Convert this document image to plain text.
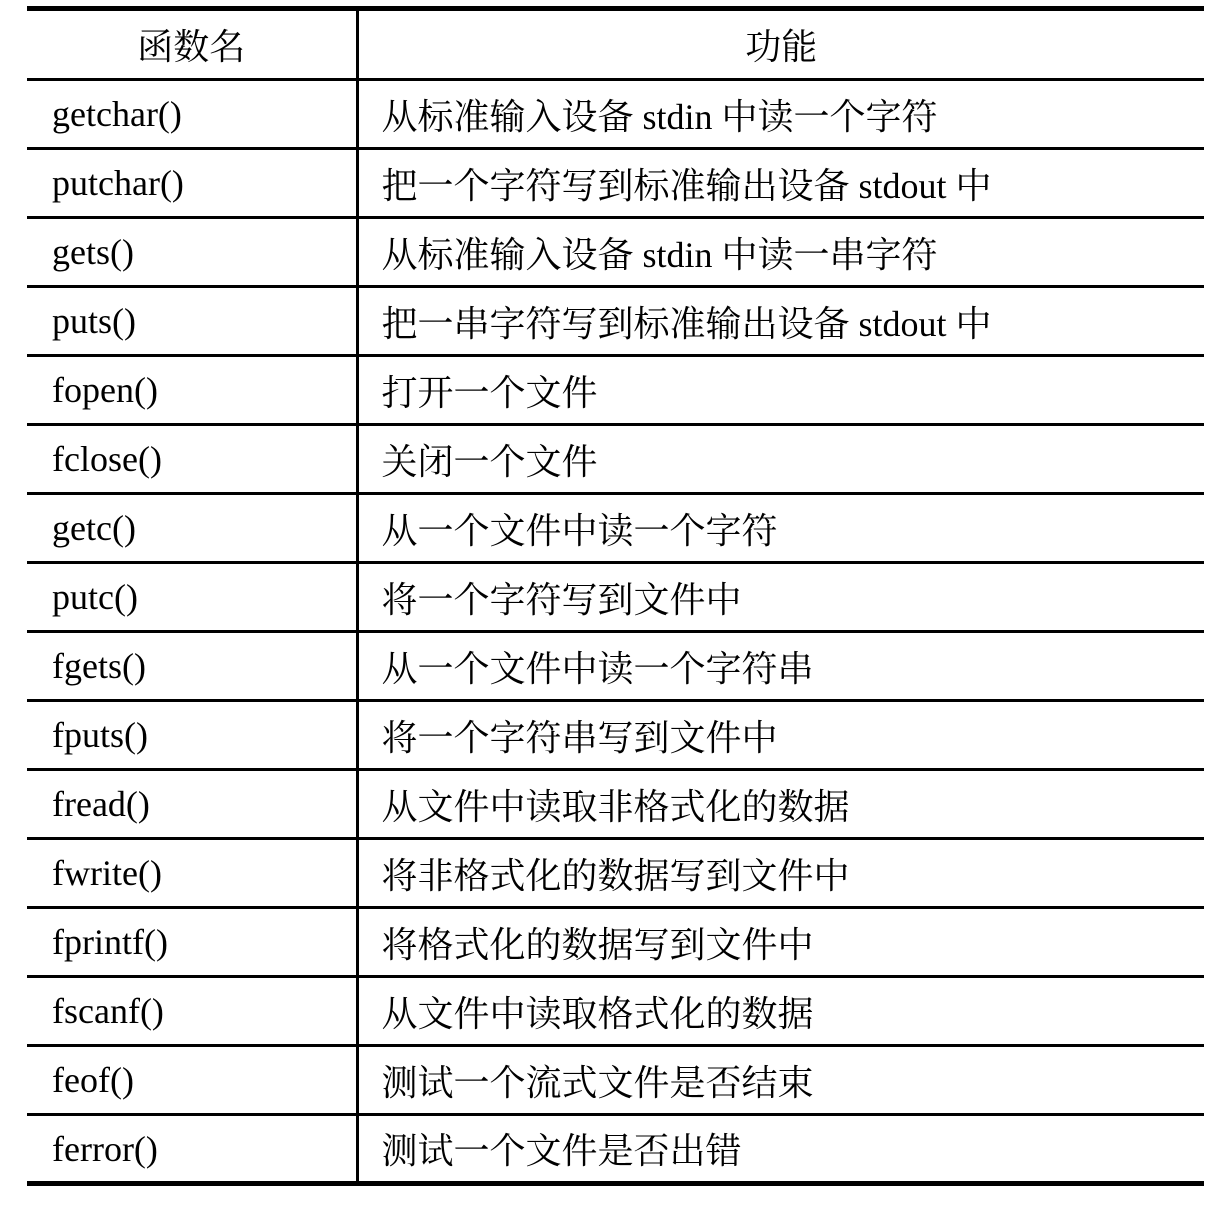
函数名	功能
getchar()	从标准输入设备 stdin 中读一个字符
putchar()	把一个字符写到标准输出设备 stdout 中
gets()	从标准输入设备 stdin 中读一串字符
puts()	把一串字符写到标准输出设备 stdout 中
fopen()	打开一个文件
fclose()	关闭一个文件
getc()	从一个文件中读一个字符
putc()	将一个字符写到文件中
fgets()	从一个文件中读一个字符串
fputs()	将一个字符串写到文件中
fread()	从文件中读取非格式化的数据
fwrite()	将非格式化的数据写到文件中
fprintf()	将格式化的数据写到文件中
fscanf()	从文件中读取格式化的数据
feof()	测试一个流式文件是否结束
ferror()	测试一个文件是否出错
